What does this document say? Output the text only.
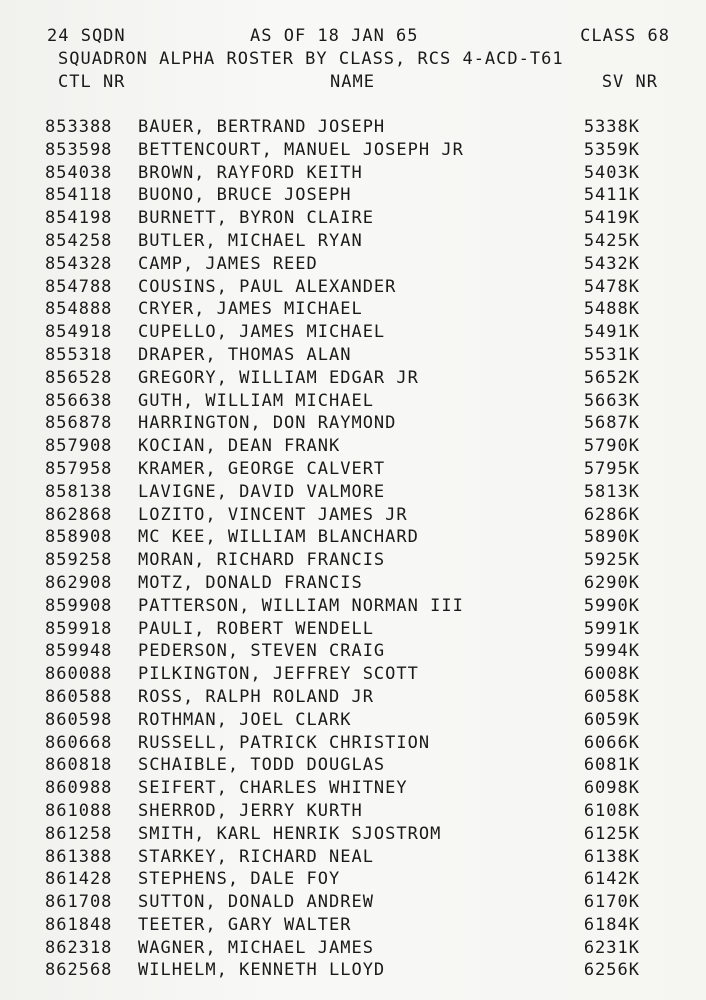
24 SQDN	AS OF 18 JAN 65	CLASS 68
SQUADRON ALPHA ROSTER BY CLASS, RCS 4-ACD-T61
CTL NR	NAME	SV NR
853388 BAUER, BERTRAND JOSEPH	5338K
853598 BETTENCOURT, MANUEL JOSEPH JR	5359K
854038 BROWN, RAYFORD KEITH	5403K
854118 BUONO, BRUCE JOSEPH	5411K
854198 BURNETT, BYRON CLAIRE	5419K
854258 BUTLER, MICHAEL RYAN	5425K
854328 CAMP, JAMES REED	5432K
854788 COUSINS, PAUL ALEXANDER	5478K
854888 CRYER, JAMES MICHAEL	5488K
854918 CUPELLO, JAMES MICHAEL	5491K
855318 DRAPER, THOMAS ALAN	5531K
856528 GREGORY, WILLIAM EDGAR JR	5652K
856638 GUTH, WILLIAM MICHAEL	5663K
856878 HARRINGTON, DON RAYMOND	5687K
857908 KOCIAN, DEAN FRANK	5790K
857958 KRAMER, GEORGE CALVERT	5795K
858138 LAVIGNE, DAVID VALMORE	5813K
862868 LOZITO, VINCENT JAMES JR	6286K
858908 MC KEE, WILLIAM BLANCHARD	5890K
859258 MORAN, RICHARD FRANCIS	5925K
862908 MOTZ, DONALD FRANCIS	6290K
859908 PATTERSON, WILLIAM NORMAN III	5990K
859918 PAULI, ROBERT WENDELL	5991K
859948 PEDERSON, STEVEN CRAIG	5994K
860088 PILKINGTON, JEFFREY SCOTT	6008K
860588 ROSS, RALPH ROLAND JR	6058K
860598 ROTHMAN, JOEL CLARK	6059K
860668 RUSSELL, PATRICK CHRISTION	6066K
860818 SCHAIBLE, TODD DOUGLAS	6081K
860988 SEIFERT, CHARLES WHITNEY	6098K
861088 SHERROD, JERRY KURTH	6108K
861258 SMITH, KARL HENRIK SJOSTROM	6125K
861388 STARKEY, RICHARD NEAL	6138K
861428 STEPHENS, DALE FOY	6142K
861708 SUTTON, DONALD ANDREW	6170K
861848 TEETER, GARY WALTER	6184K
862318 WAGNER, MICHAEL JAMES	6231K
862568 WILHELM, KENNETH LLOYD	6256K
